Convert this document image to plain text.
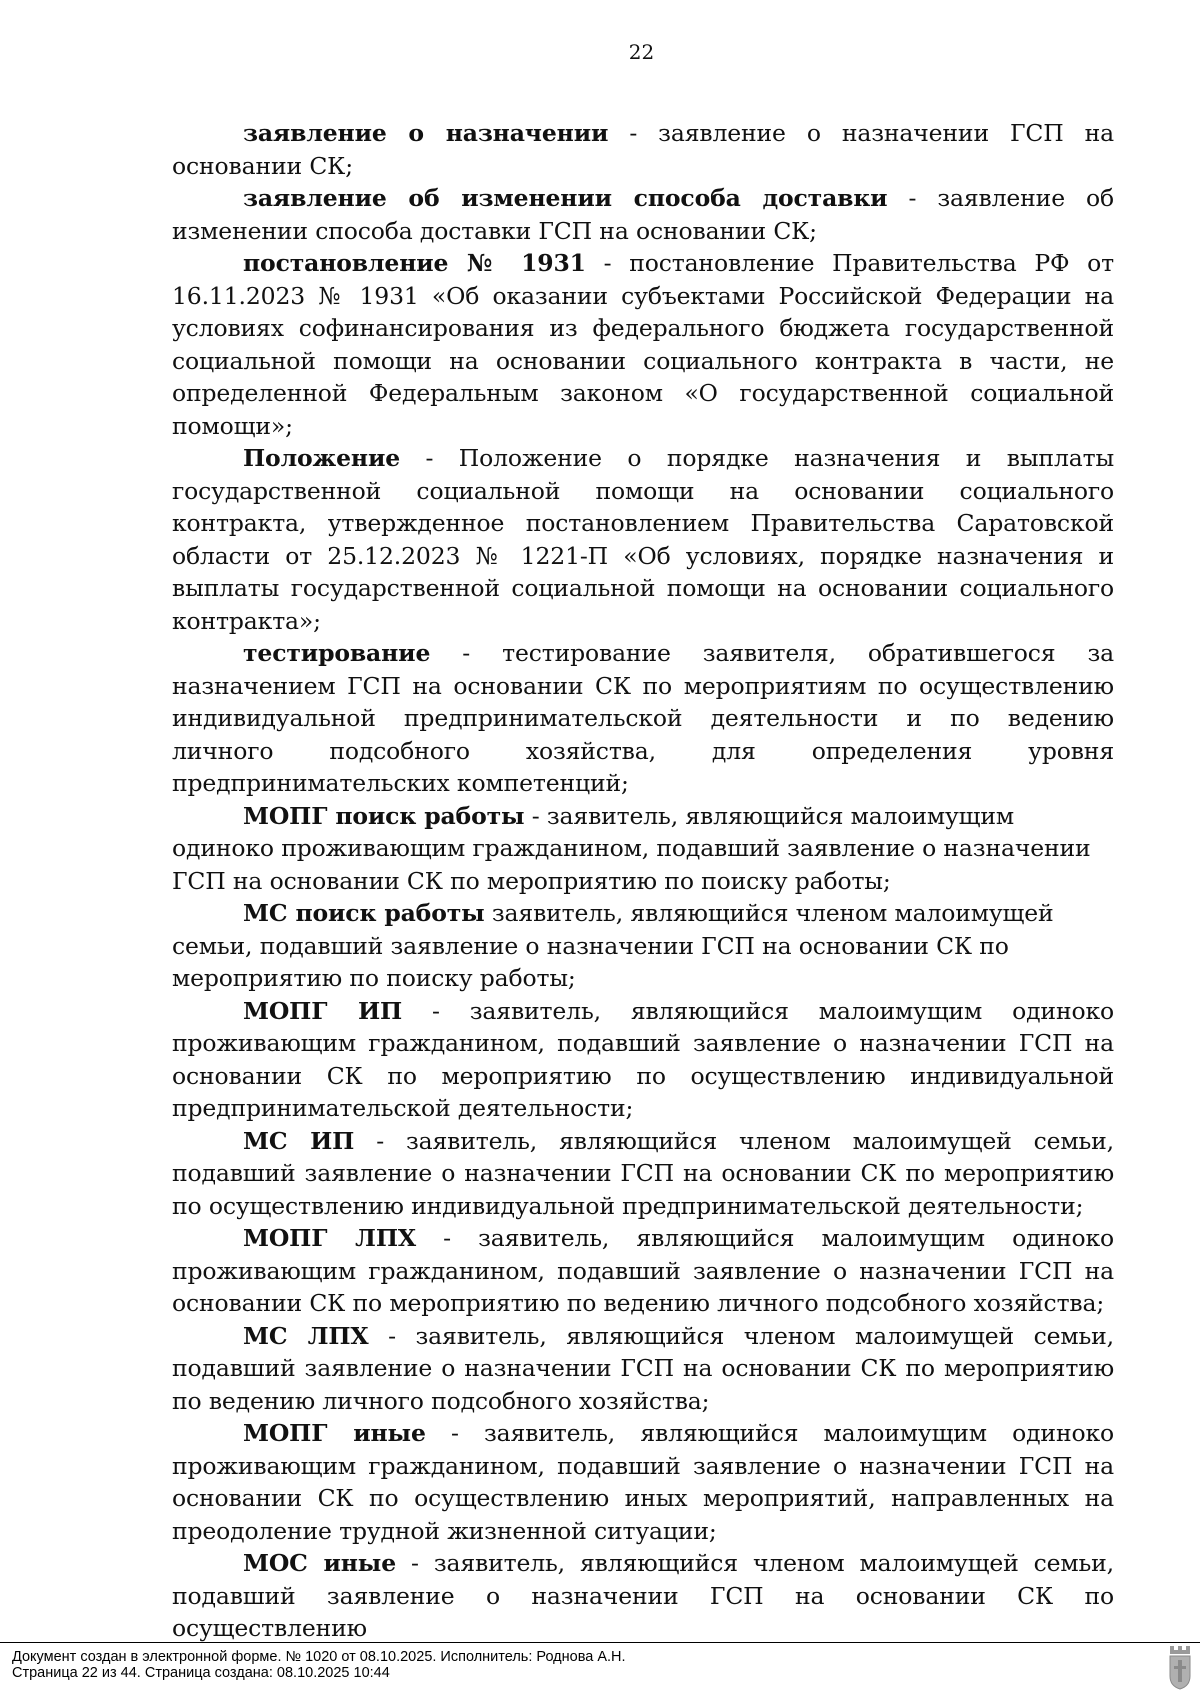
22

заявление о назначении - заявление о назначении ГСП на основании СК;

заявление об изменении способа доставки - заявление об изменении способа доставки ГСП на основании СК;

постановление № 1931 - постановление Правительства РФ от 16.11.2023 № 1931 «Об оказании субъектами Российской Федерации на условиях софинансирования из федерального бюджета государственной социальной помощи на основании социального контракта в части, не определенной Федеральным законом «О государственной социальной помощи»;

Положение - Положение о порядке назначения и выплаты государственной социальной помощи на основании социального контракта, утвержденное постановлением Правительства Саратовской области от 25.12.2023 № 1221-П «Об условиях, порядке назначения и выплаты государственной социальной помощи на основании социального контракта»;

тестирование - тестирование заявителя, обратившегося за назначением ГСП на основании СК по мероприятиям по осуществлению индивидуальной предпринимательской деятельности и по ведению личного подсобного хозяйства, для определения уровня предпринимательских компетенций;

МОПГ поиск работы - заявитель, являющийся малоимущим одиноко проживающим гражданином, подавший заявление о назначении ГСП на основании СК по мероприятию по поиску работы;

МС поиск работы заявитель, являющийся членом малоимущей семьи, подавший заявление о назначении ГСП на основании СК по мероприятию по поиску работы;

МОПГ ИП - заявитель, являющийся малоимущим одиноко проживающим гражданином, подавший заявление о назначении ГСП на основании СК по мероприятию по осуществлению индивидуальной предпринимательской деятельности;

МС ИП - заявитель, являющийся членом малоимущей семьи, подавший заявление о назначении ГСП на основании СК по мероприятию по осуществлению индивидуальной предпринимательской деятельности;

МОПГ ЛПХ - заявитель, являющийся малоимущим одиноко проживающим гражданином, подавший заявление о назначении ГСП на основании СК по мероприятию по ведению личного подсобного хозяйства;

МС ЛПХ - заявитель, являющийся членом малоимущей семьи, подавший заявление о назначении ГСП на основании СК по мероприятию по ведению личного подсобного хозяйства;

МОПГ иные - заявитель, являющийся малоимущим одиноко проживающим гражданином, подавший заявление о назначении ГСП на основании СК по осуществлению иных мероприятий, направленных на преодоление трудной жизненной ситуации;

МОС иные - заявитель, являющийся членом малоимущей семьи, подавший заявление о назначении ГСП на основании СК по осуществлению

Документ создан в электронной форме. № 1020 от 08.10.2025. Исполнитель: Роднова А.Н.
Страница 22 из 44. Страница создана: 08.10.2025 10:44
